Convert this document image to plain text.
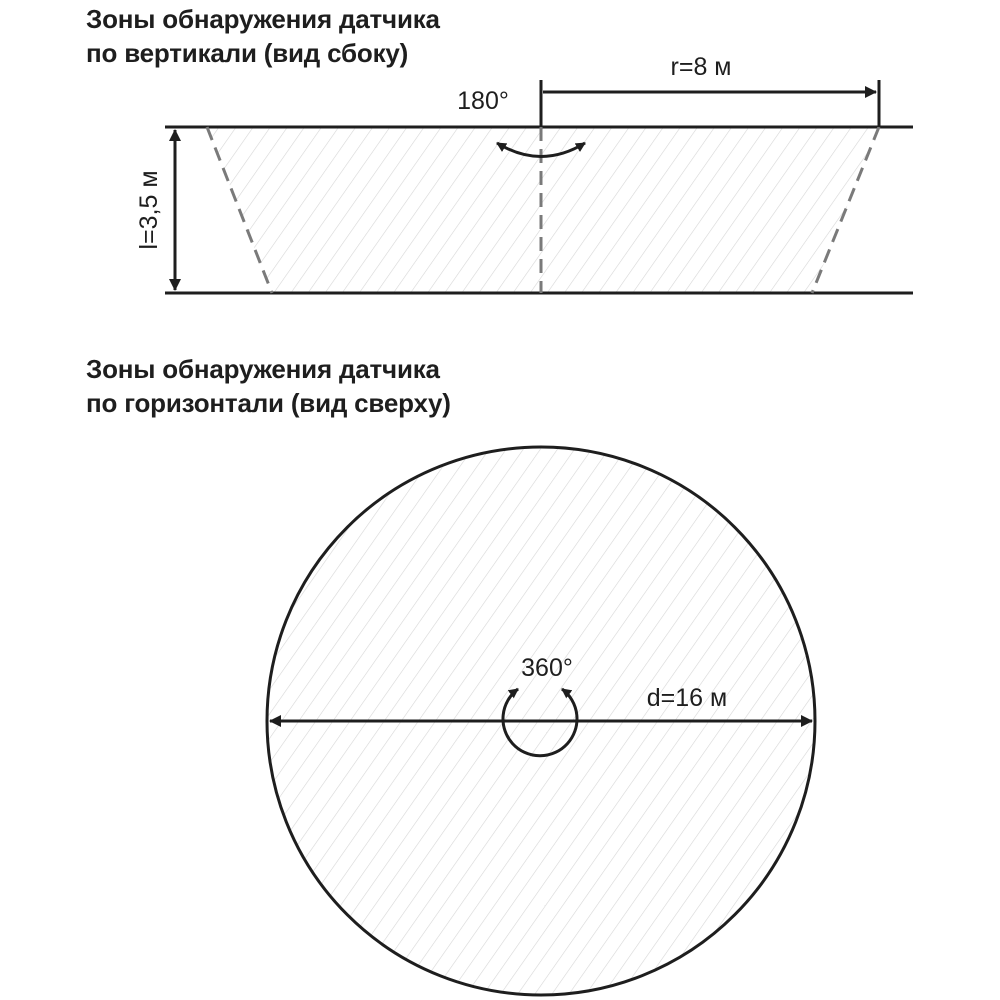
Зоны обнаружения датчика
по вертикали (вид сбоку)
Зоны обнаружения датчика
по горизонтали (вид сверху)
r=8 м
180°
l=3,5 м
d=16 м
360°
